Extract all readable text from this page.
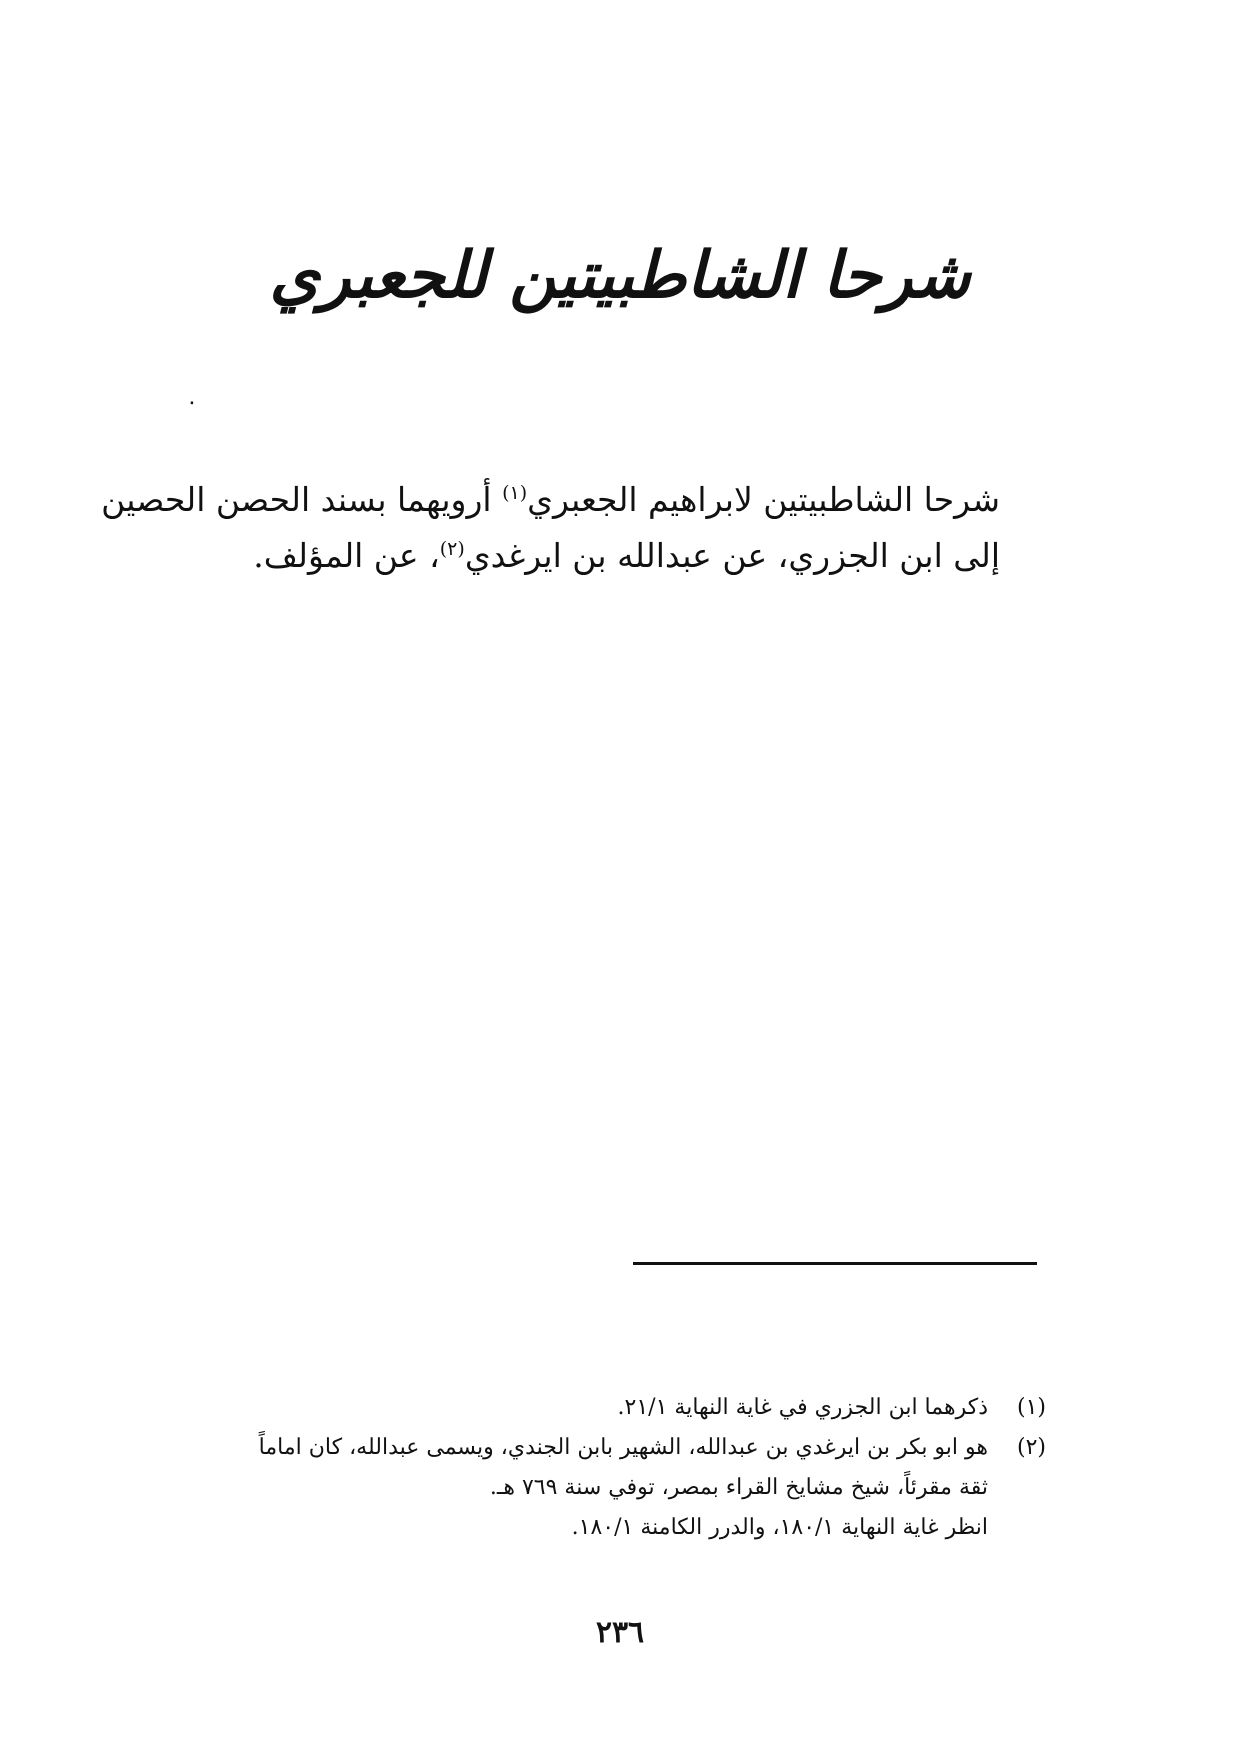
شرحا الشاطبيتين للجعبري
٠
شرحا الشاطبيتين لابراهيم الجعبري$^{(١)}$ أرويهما بسند الحصن الحصين
إلى ابن الجزري، عن عبدالله بن ايرغدي$^{(٢)}$، عن المؤلف.
(١)
ذكرهما ابن الجزري في غاية النهاية ٢١/١.
(٢)
هو ابو بكر بن ايرغدي بن عبدالله، الشهير بابن الجندي، ويسمى عبدالله، كان اماماً
ثقة مقرئاً، شيخ مشايخ القراء بمصر، توفي سنة ٧٦٩ هـ.
انظر غاية النهاية ١٨٠/١، والدرر الكامنة ١٨٠/١.
٢٣٦
